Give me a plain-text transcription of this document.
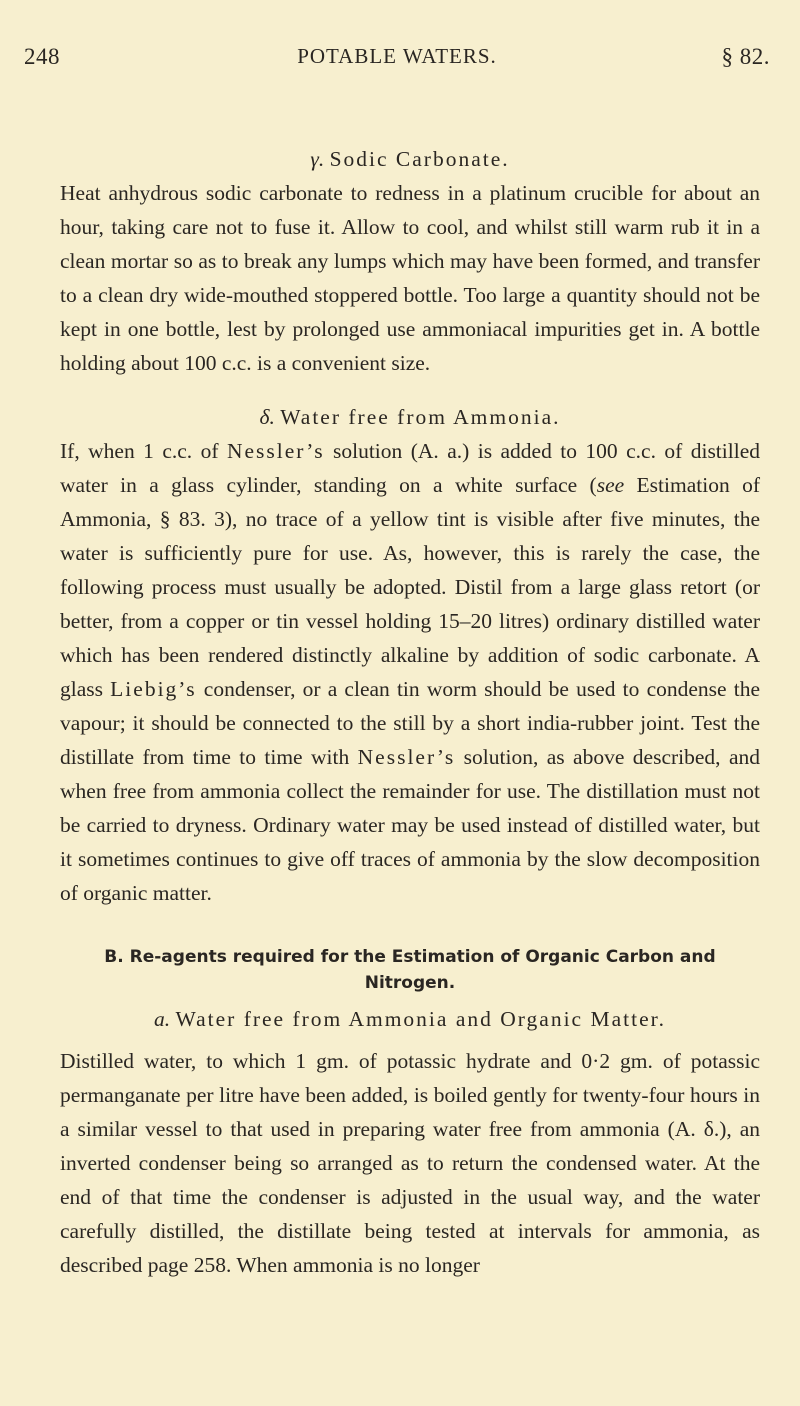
248	POTABLE WATERS.	§ 82.

γ. Sodic Carbonate.

Heat anhydrous sodic carbonate to redness in a platinum crucible for about an hour, taking care not to fuse it. Allow to cool, and whilst still warm rub it in a clean mortar so as to break any lumps which may have been formed, and transfer to a clean dry wide-mouthed stoppered bottle. Too large a quantity should not be kept in one bottle, lest by prolonged use ammoniacal impurities get in. A bottle holding about 100 c.c. is a convenient size.

δ. Water free from Ammonia.

If, when 1 c.c. of Nessler’s solution (A. a.) is added to 100 c.c. of distilled water in a glass cylinder, standing on a white surface (see Estimation of Ammonia, § 83. 3), no trace of a yellow tint is visible after five minutes, the water is sufficiently pure for use. As, however, this is rarely the case, the following process must usually be adopted. Distil from a large glass retort (or better, from a copper or tin vessel holding 15–20 litres) ordinary distilled water which has been rendered distinctly alkaline by addition of sodic carbonate. A glass Liebig’s condenser, or a clean tin worm should be used to condense the vapour; it should be connected to the still by a short india-rubber joint. Test the distillate from time to time with Nessler’s solution, as above described, and when free from ammonia collect the remainder for use. The distillation must not be carried to dryness. Ordinary water may be used instead of distilled water, but it sometimes continues to give off traces of ammonia by the slow decomposition of organic matter.

B. Re-agents required for the Estimation of Organic Carbon and Nitrogen.

a. Water free from Ammonia and Organic Matter.

Distilled water, to which 1 gm. of potassic hydrate and 0·2 gm. of potassic permanganate per litre have been added, is boiled gently for twenty-four hours in a similar vessel to that used in preparing water free from ammonia (A. δ.), an inverted condenser being so arranged as to return the condensed water. At the end of that time the condenser is adjusted in the usual way, and the water carefully distilled, the distillate being tested at intervals for ammonia, as described page 258. When ammonia is no longer
